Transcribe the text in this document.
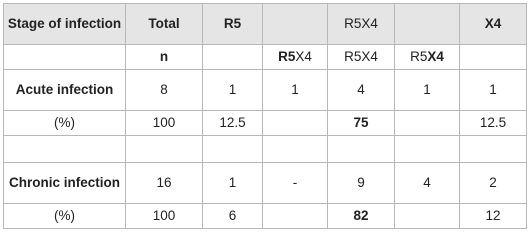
Stage of infection	Total	R5		R5X4		X4
	n		R5X4	R5X4	R5X4	
Acute infection	8	1	1	4	1	1
(%)	100	12.5		75		12.5

Chronic infection	16	1	-	9	4	2
(%)	100	6		82		12
